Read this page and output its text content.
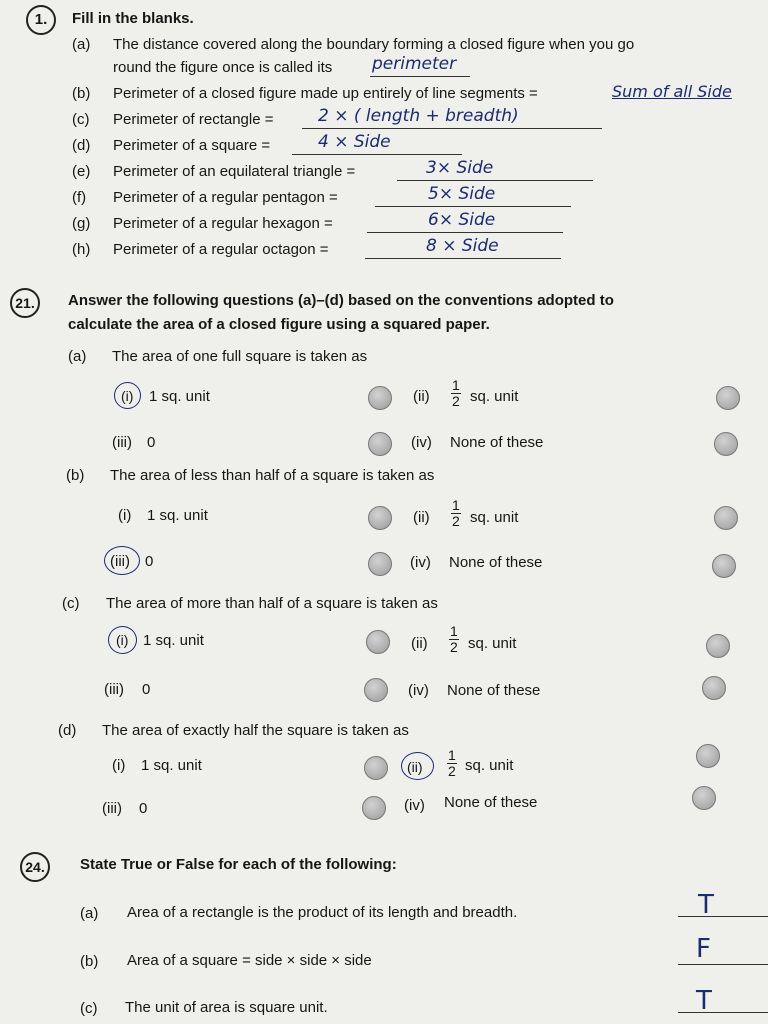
1.	Fill in the blanks.
(a) The distance covered along the boundary forming a closed figure when you go
round the figure once is called its perimeter
(b) Perimeter of a closed figure made up entirely of line segments =	Sum of all Side
(c) Perimeter of rectangle =	2 × ( length + breadth)
(d) Perimeter of a square =	4 × Side
(e) Perimeter of an equilateral triangle =	3× Side
(f) Perimeter of a regular pentagon =	5× Side
(g) Perimeter of a regular hexagon =	6× Side
(h) Perimeter of a regular octagon =	8 × Side
21.	Answer the following questions (a)–(d) based on the conventions adopted to
calculate the area of a closed figure using a squared paper.
(a) The area of one full square is taken as
(i) 1 sq. unit	$(ii) \frac{1}{2}$ sq. unit
(iii) 0	(iv) None of these
(b) The area of less than half of a square is taken as
(i) 1 sq. unit	$(ii) \frac{1}{2}$ sq. unit
(iii) 0	(iv) None of these
(c) The area of more than half of a square is taken as
(i) 1 sq. unit	$(ii) \frac{1}{2}$ sq. unit
(iii) 0	(iv) None of these
(d) The area of exactly half the square is taken as
(i) 1 sq. unit	$(ii) \frac{1}{2}$ sq. unit
(iii) 0	(iv) None of these
24.	State True or False for each of the following:
(a) Area of a rectangle is the product of its length and breadth.	T
(b) Area of a square = side × side × side	F
(c) The unit of area is square unit.	T
